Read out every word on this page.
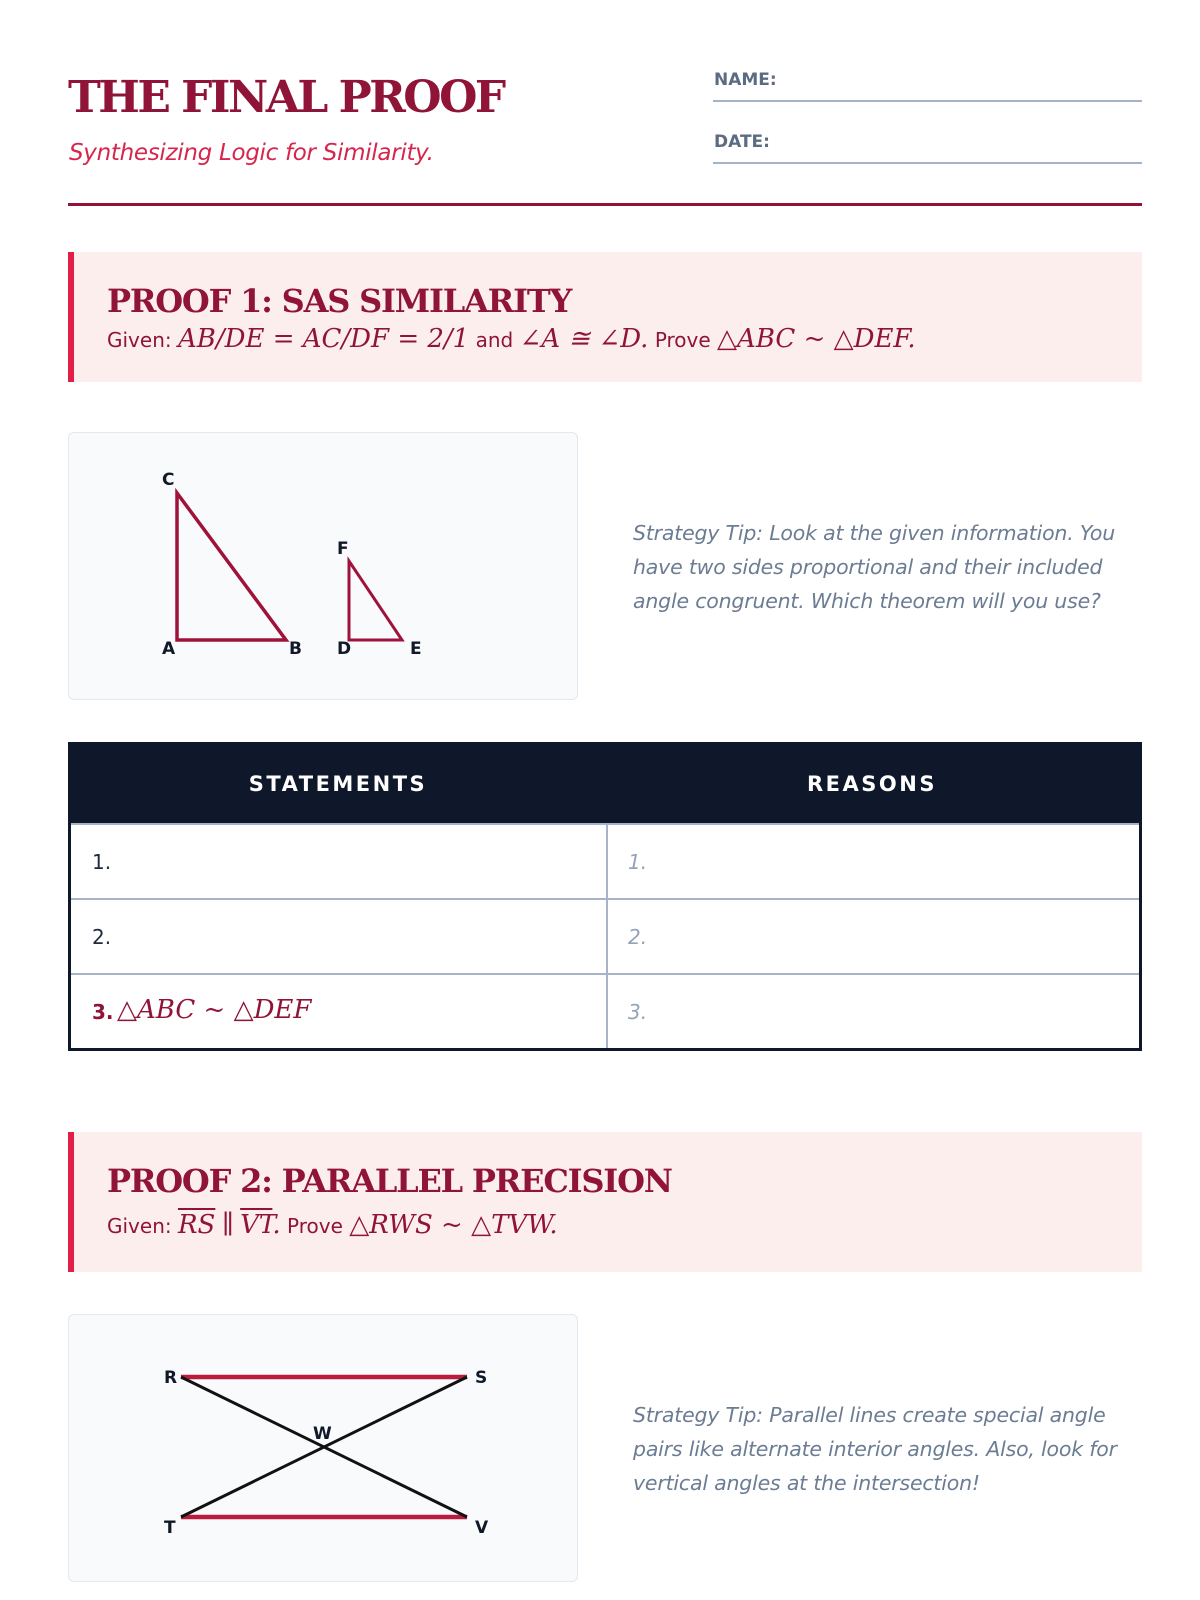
THE FINAL PROOF
Synthesizing Logic for Similarity.
NAME:
DATE:
PROOF 1: SAS SIMILARITY
Given: AB/DE = AC/DF = 2/1 and ∠A ≅ ∠D. Prove △ABC ~ △DEF.
C
A	B
F
D	E
Strategy Tip: Look at the given information. You have two sides proportional and their included angle congruent. Which theorem will you use?
STATEMENTS	REASONS
1.	1.
2.	2.
3. △ABC ~ △DEF	3.
PROOF 2: PARALLEL PRECISION
Given: $\overline{RS}$ ∥ $\overline{VT}$. Prove △RWS ~ △TVW.
R	S
W
T	V
Strategy Tip: Parallel lines create special angle pairs like alternate interior angles. Also, look for vertical angles at the intersection!
